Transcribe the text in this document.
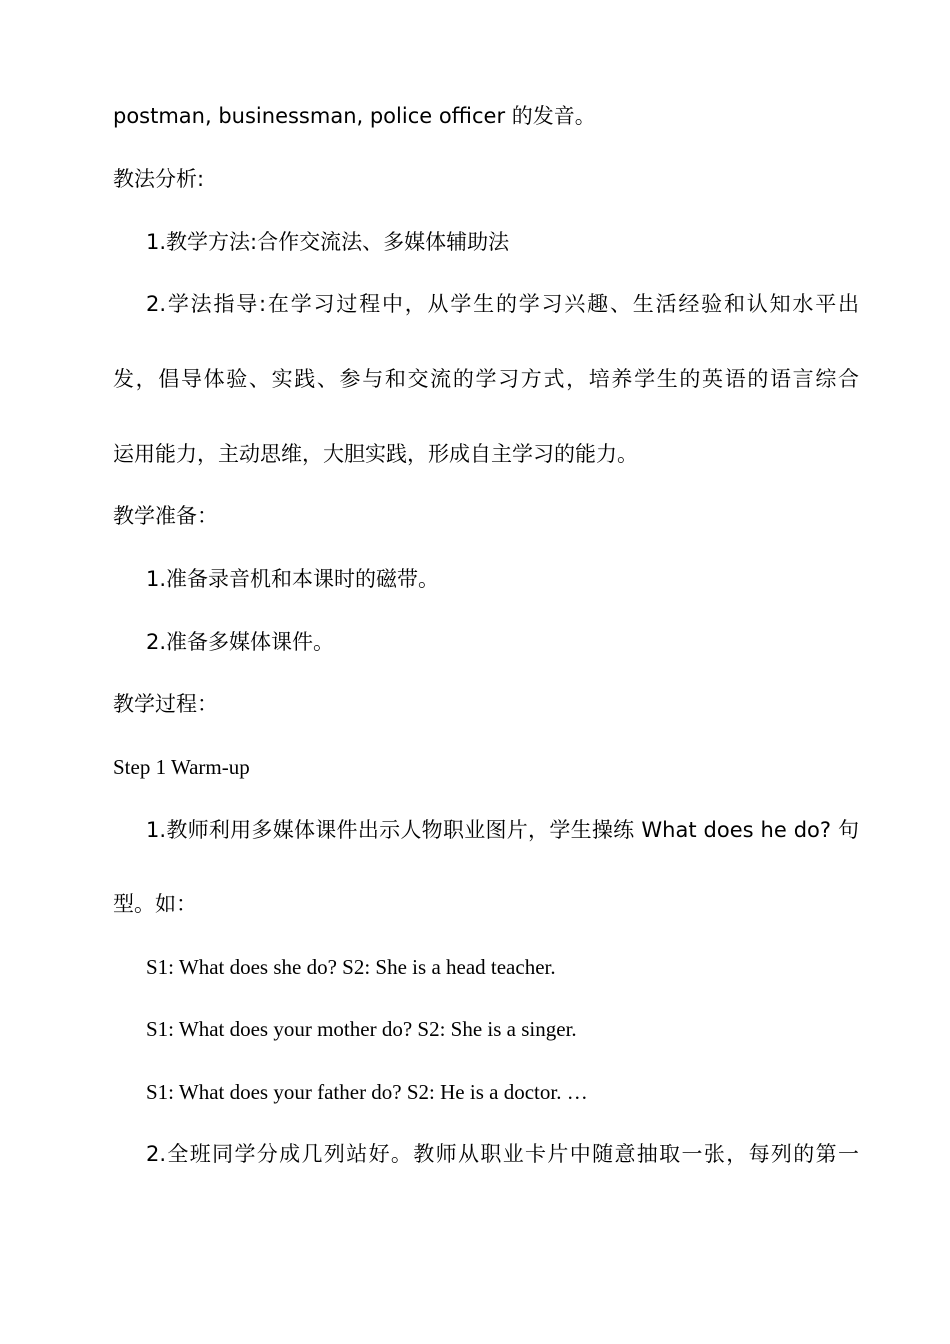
postman, businessman, police officer 的发音。
教法分析:
1.教学方法:合作交流法、多媒体辅助法
2.学法指导:在学习过程中，从学生的学习兴趣、生活经验和认知水平出
发，倡导体验、实践、参与和交流的学习方式，培养学生的英语的语言综合
运用能力，主动思维，大胆实践，形成自主学习的能力。
教学准备：
1.准备录音机和本课时的磁带。
2.准备多媒体课件。
教学过程：
Step 1 Warm-up
1.教师利用多媒体课件出示人物职业图片，学生操练 What does he do? 句
型。如：
S1: What does she do? S2: She is a head teacher.
S1: What does your mother do? S2: She is a singer.
S1: What does your father do? S2: He is a doctor. …
2.全班同学分成几列站好。教师从职业卡片中随意抽取一张，每列的第一
